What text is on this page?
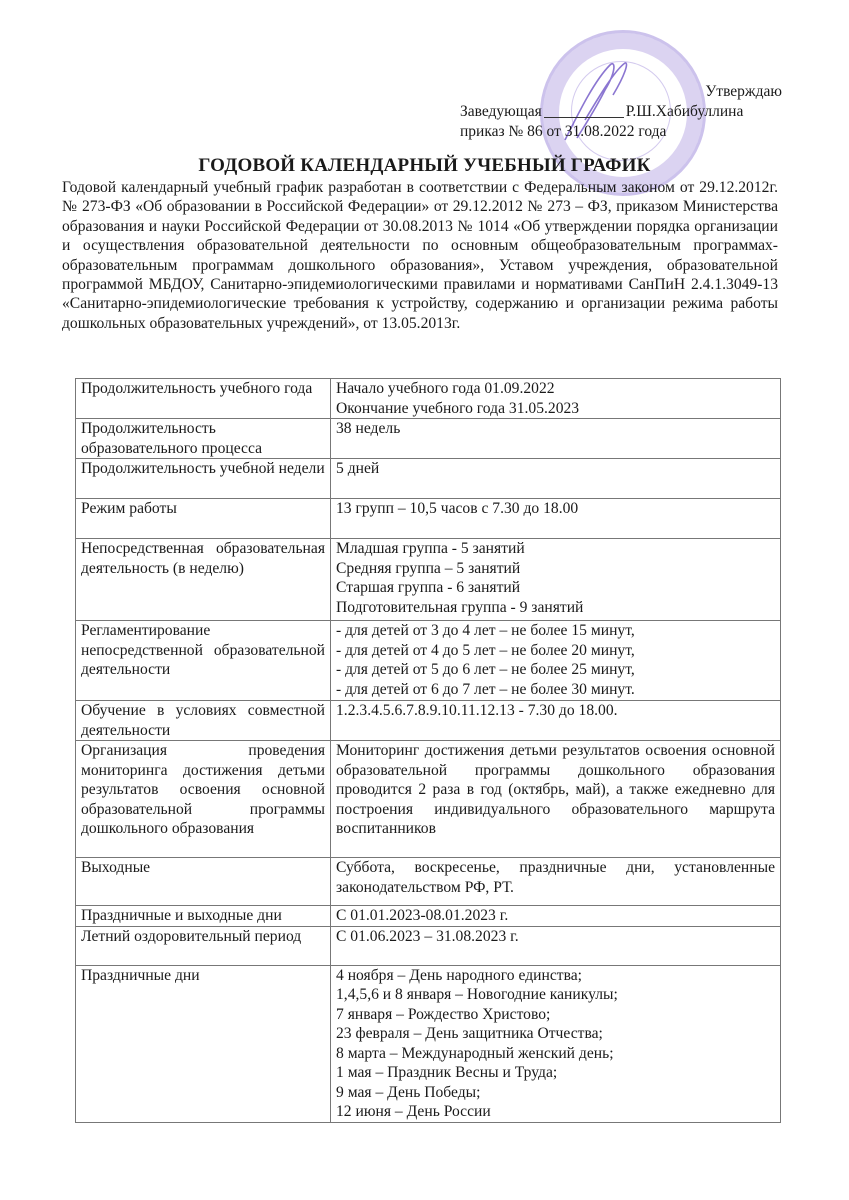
Утверждаю
Заведующая	Р.Ш.Хабибуллина
приказ № 86 от 31.08.2022 года
ГОДОВОЙ КАЛЕНДАРНЫЙ УЧЕБНЫЙ ГРАФИК
Годовой календарный учебный график разработан в соответствии с Федеральным законом от 29.12.2012г. № 273-ФЗ «Об образовании в Российской Федерации» от 29.12.2012 № 273 – ФЗ, приказом Министерства образования и науки Российской Федерации от 30.08.2013 № 1014 «Об утверждении порядка организации и осуществления образовательной деятельности по основным общеобразовательным программах- образовательным программам дошкольного образования», Уставом учреждения, образовательной программой МБДОУ, Санитарно-эпидемиологическими правилами и нормативами СанПиН 2.4.1.3049-13 «Санитарно-эпидемиологические требования к устройству, содержанию и организации режима работы дошкольных образовательных учреждений», от 13.05.2013г.
Продолжительность учебного года	Начало учебного года 01.09.2022
Окончание учебного года 31.05.2023

Продолжительность образовательного процесса	38 недель

Продолжительность учебной недели	5 дней

Режим работы	13 групп – 10,5 часов с 7.30 до 18.00

Непосредственная образовательная деятельность (в неделю)	Младшая группа - 5 занятий
Средняя группа – 5 занятий
Старшая группа - 6 занятий
Подготовительная группа - 9 занятий

Регламентирование непосредственной образовательной деятельности	- для детей от 3 до 4 лет – не более 15 минут,
- для детей от 4 до 5 лет – не более 20 минут,
- для детей от 5 до 6 лет – не более 25 минут,
- для детей от 6 до 7 лет – не более 30 минут.

Обучение в условиях совместной деятельности	1.2.3.4.5.6.7.8.9.10.11.12.13 - 7.30 до 18.00.

Организация проведения мониторинга достижения детьми результатов освоения основной образовательной программы дошкольного образования	Мониторинг достижения детьми результатов освоения основной образовательной программы дошкольного образования проводится 2 раза в год (октябрь, май), а также ежедневно для построения индивидуального образовательного маршрута воспитанников
Выходные	Суббота, воскресенье, праздничные дни, установленные законодательством РФ, РТ.
Праздничные и выходные дни	С 01.01.2023-08.01.2023 г.

Летний оздоровительный период	С 01.06.2023 – 31.08.2023 г.

Праздничные дни	4 ноября – День народного единства;
1,4,5,6 и 8 января – Новогодние каникулы;
7 января – Рождество Христово;
23 февраля – День защитника Отчества;
8 марта – Международный женский день;
1 мая – Праздник Весны и Труда;
9 мая – День Победы;
12 июня – День России
